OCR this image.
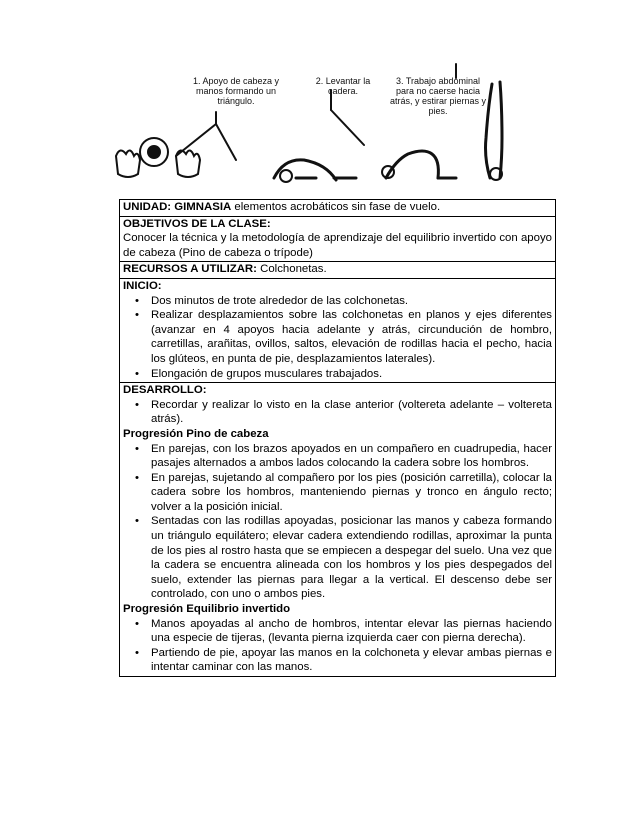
1. Apoyo de cabeza y manos formando un triángulo.
2. Levantar la cadera.
3. Trabajo abdominal para no caerse hacia atrás, y estirar piernas y pies.
UNIDAD: GIMNASIA elementos acrobáticos sin fase de vuelo.

OBJETIVOS DE LA CLASE:
Conocer la técnica y la metodología de aprendizaje del equilibrio invertido con apoyo de cabeza (Pino de cabeza o trípode)

RECURSOS A UTILIZAR: Colchonetas.

INICIO:
• Dos minutos de trote alrededor de las colchonetas.
• Realizar desplazamientos sobre las colchonetas en planos y ejes diferentes (avanzar en 4 apoyos hacia adelante y atrás, circundución de hombro, carretillas, arañitas, ovillos, saltos, elevación de rodillas hacia el pecho, hacia los glúteos, en punta de pie, desplazamientos laterales).
• Elongación de grupos musculares trabajados.

DESARROLLO:
• Recordar y realizar lo visto en la clase anterior (voltereta adelante – voltereta atrás).
Progresión Pino de cabeza
• En parejas, con los brazos apoyados en un compañero en cuadrupedia, hacer pasajes alternados a ambos lados colocando la cadera sobre los hombros.
• En parejas, sujetando al compañero por los pies (posición carretilla), colocar la cadera sobre los hombros, manteniendo piernas y tronco en ángulo recto; volver a la posición inicial.
• Sentadas con las rodillas apoyadas, posicionar las manos y cabeza formando un triángulo equilátero; elevar cadera extendiendo rodillas, aproximar la punta de los pies al rostro hasta que se empiecen a despegar del suelo. Una vez que la cadera se encuentra alineada con los hombros y los pies despegados del suelo, extender las piernas para llegar a la vertical. El descenso debe ser controlado, con uno o ambos pies.
Progresión Equilibrio invertido
• Manos apoyadas al ancho de hombros, intentar elevar las piernas haciendo una especie de tijeras, (levanta pierna izquierda caer con pierna derecha).
• Partiendo de pie, apoyar las manos en la colchoneta y elevar ambas piernas e intentar caminar con las manos.
